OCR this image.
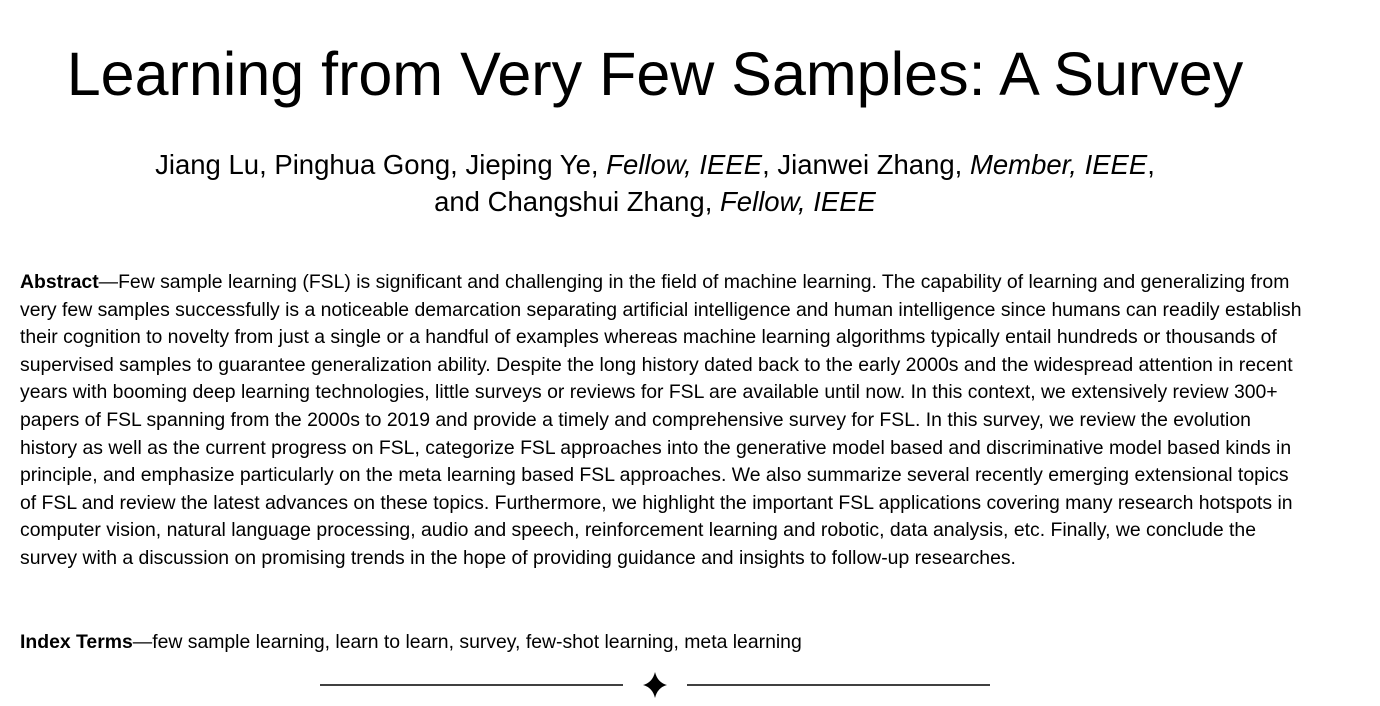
Learning from Very Few Samples: A Survey
Jiang Lu, Pinghua Gong, Jieping Ye, Fellow, IEEE, Jianwei Zhang, Member, IEEE,
and Changshui Zhang, Fellow, IEEE
Abstract—Few sample learning (FSL) is significant and challenging in the field of machine learning. The capability of learning and generalizing from very few samples successfully is a noticeable demarcation separating artificial intelligence and human intelligence since humans can readily establish their cognition to novelty from just a single or a handful of examples whereas machine learning algorithms typically entail hundreds or thousands of supervised samples to guarantee generalization ability. Despite the long history dated back to the early 2000s and the widespread attention in recent years with booming deep learning technologies, little surveys or reviews for FSL are available until now. In this context, we extensively review 300+ papers of FSL spanning from the 2000s to 2019 and provide a timely and comprehensive survey for FSL. In this survey, we review the evolution history as well as the current progress on FSL, categorize FSL approaches into the generative model based and discriminative model based kinds in principle, and emphasize particularly on the meta learning based FSL approaches. We also summarize several recently emerging extensional topics of FSL and review the latest advances on these topics. Furthermore, we highlight the important FSL applications covering many research hotspots in computer vision, natural language processing, audio and speech, reinforcement learning and robotic, data analysis, etc. Finally, we conclude the survey with a discussion on promising trends in the hope of providing guidance and insights to follow-up researches.
Index Terms—few sample learning, learn to learn, survey, few-shot learning, meta learning
